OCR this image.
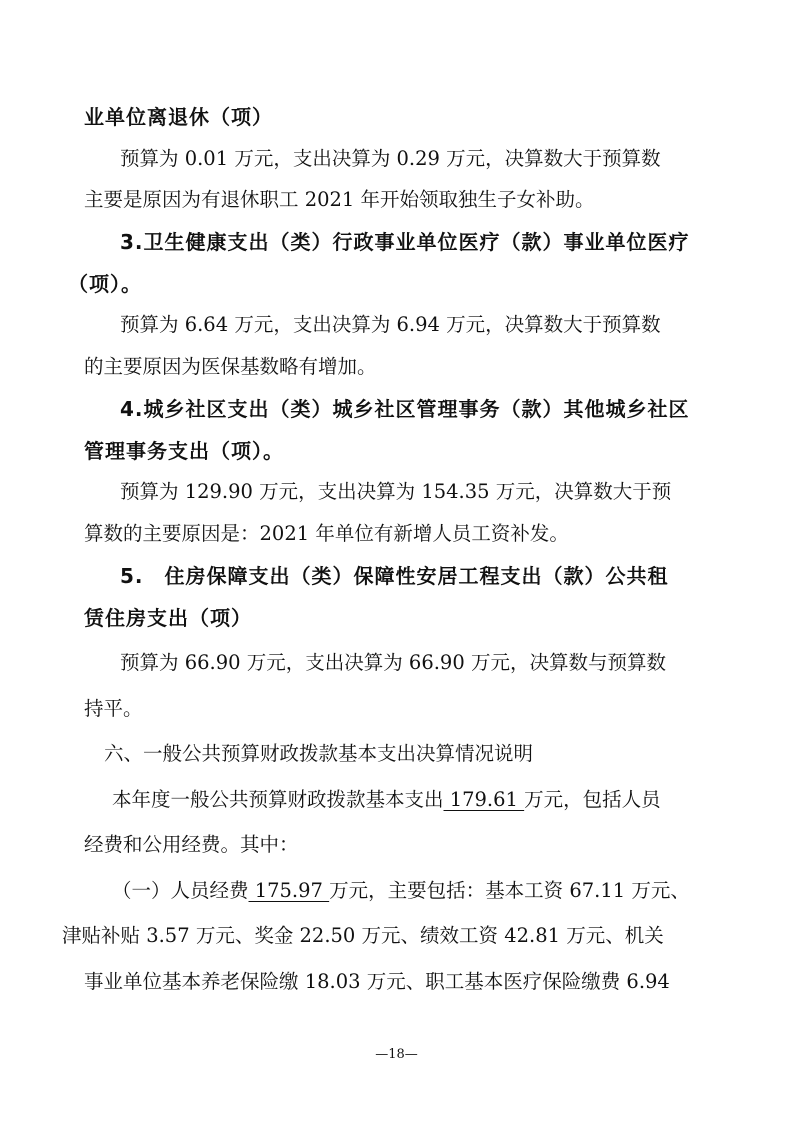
业单位离退休（项）
预算为 0.01 万元，支出决算为 0.29 万元，决算数大于预算数
主要是原因为有退休职工 2021 年开始领取独生子女补助。
3.卫生健康支出（类）行政事业单位医疗（款）事业单位医疗
（项）。
预算为 6.64 万元，支出决算为 6.94 万元，决算数大于预算数
的主要原因为医保基数略有增加。
4.城乡社区支出（类）城乡社区管理事务（款）其他城乡社区
管理事务支出（项）。
预算为 129.90 万元，支出决算为 154.35 万元，决算数大于预
算数的主要原因是：2021 年单位有新增人员工资补发。
5.　住房保障支出（类）保障性安居工程支出（款）公共租
赁住房支出（项）
预算为 66.90 万元，支出决算为 66.90 万元，决算数与预算数
持平。
六、一般公共预算财政拨款基本支出决算情况说明
本年度一般公共预算财政拨款基本支出 179.61 万元，包括人员
经费和公用经费。其中：
（一）人员经费 175.97 万元，主要包括：基本工资 67.11 万元、
津贴补贴 3.57 万元、奖金 22.50 万元、绩效工资 42.81 万元、机关
事业单位基本养老保险缴 18.03 万元、职工基本医疗保险缴费 6.94
—18—
